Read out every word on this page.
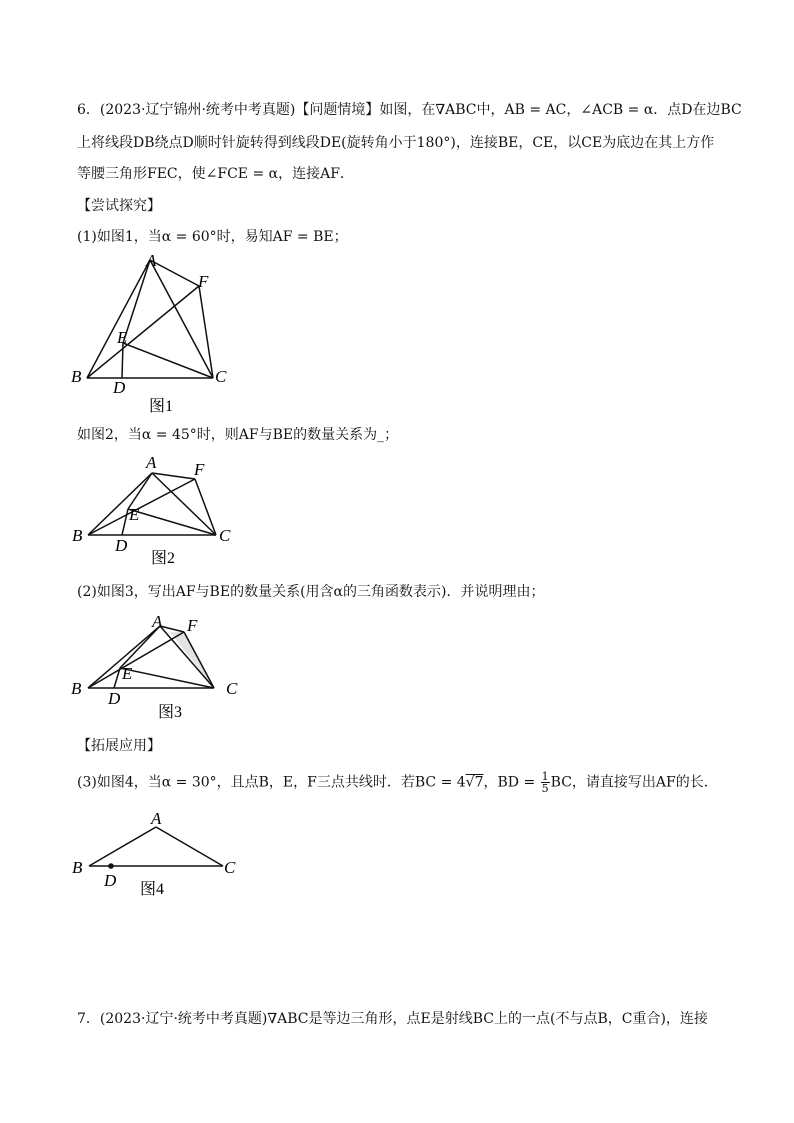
6．(2023·辽宁锦州·统考中考真题)【问题情境】如图，在∇ABC中，AB = AC，∠ACB = α．点D在边BC
上将线段DB绕点D顺时针旋转得到线段DE(旋转角小于180°)，连接BE，CE，以CE为底边在其上方作
等腰三角形FEC，使∠FCE = α，连接AF．
【尝试探究】
(1)如图1，当α = 60°时，易知AF = BE；
A
F
E
B
D
C
图1
如图2，当α = 45°时，则AF与BE的数量关系为_；
A F
E
B
D
C
图2
(2)如图3，写出AF与BE的数量关系(用含α的三角函数表示)．并说明理由；
A F
E
B
D
C
图3
【拓展应用】
(3)如图4，当α = 30°，且点B，E，F三点共线时．若BC = 4√7，BD = $\frac{1}{5}$ BC，请直接写出AF的长．
A
B
D
C
图4
7．(2023·辽宁·统考中考真题)∇ABC是等边三角形，点E是射线BC上的一点(不与点B，C重合)，连接
